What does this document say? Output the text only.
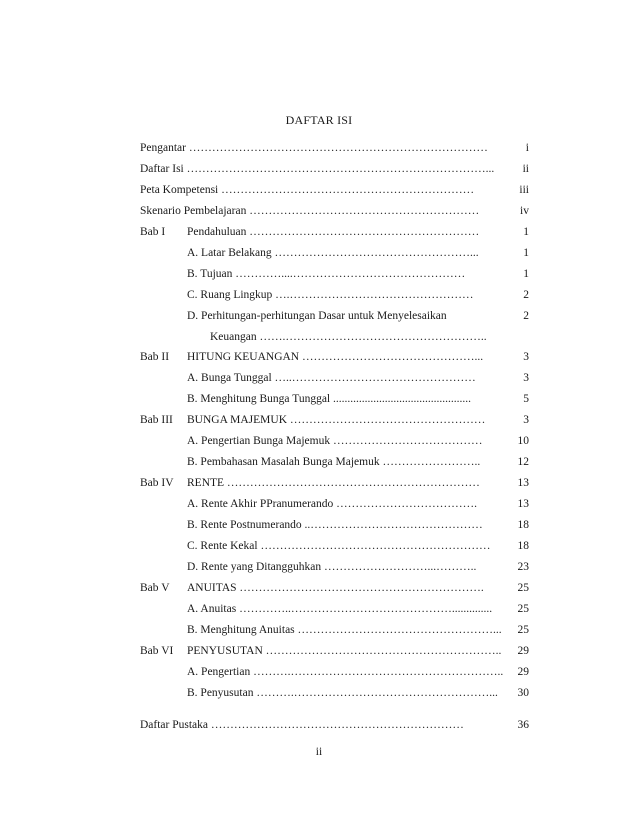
DAFTAR ISI
Pengantar ……………………………………………………………………	i
Daftar Isi ……………………………………………………………………...	ii
Peta Kompetensi …………………………………………………………	iii
Skenario Pembelajaran ……………………………………………………	iv
Bab I Pendahuluan ……………………………………………………	1
A. Latar Belakang ……………………………………………...	1
B. Tujuan …………....………………………………………	1
C. Ruang Lingkup ….…………………………………………	2
D. Perhitungan-perhitungan Dasar untuk Menyelesaikan	2
Keuangan …….……………………………………………..
Bab II HITUNG KEUANGAN ………………………………………...	3
A. Bunga Tunggal …..…………………………………………	3
B. Menghitung Bunga Tunggal ................................................	5
Bab III BUNGA MAJEMUK ……………………………………………	3
A. Pengertian Bunga Majemuk …………………………………	10
B. Pembahasan Masalah Bunga Majemuk ……………………..	12
Bab IV RENTE …………………………………………………………	13
A. Rente Akhir PPranumerando ……………………………….	13
B. Rente Postnumerando ..………………………………………	18
C. Rente Kekal ……………………………………………………	18
D. Rente yang Ditangguhkan ………………………...………..	23
Bab V ANUITAS ……………………………………………………….	25
A. Anuitas …………..……………………………………..............	25
B. Menghitung Anuitas ……………………………………………...	25
Bab VI PENYUSUTAN ……………………………………………………..	29
A. Pengertian ……….………………………………………………..	29
B. Penyusutan ……….……………………………………………...	30
Daftar Pustaka …………………………………………………………	36
ii
